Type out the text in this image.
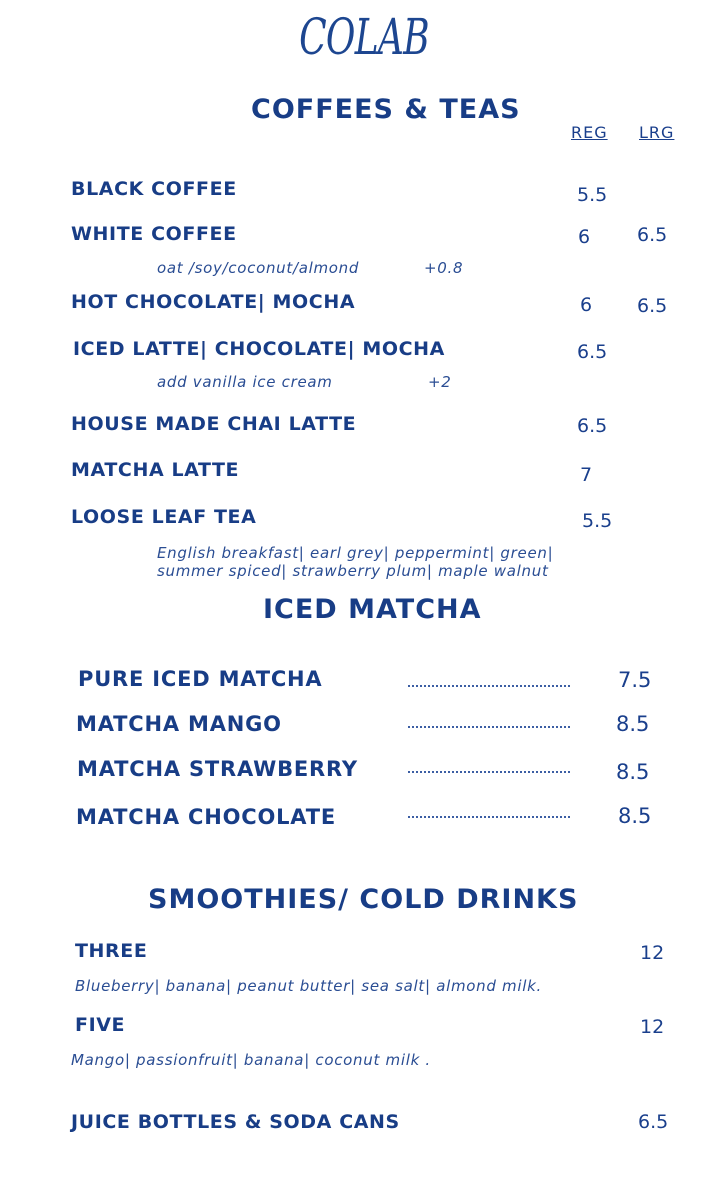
COLAB
COFFEES & TEAS
REG LRG
BLACK COFFEE	5.5
WHITE COFFEE	6 6.5
oat /soy/coconut/almond	+0.8
HOT CHOCOLATE| MOCHA	6 6.5
ICED LATTE| CHOCOLATE| MOCHA	6.5
add vanilla ice cream	+2
HOUSE MADE CHAI LATTE	6.5
MATCHA LATTE	7
LOOSE LEAF TEA	5.5
English breakfast| earl grey| peppermint| green|
summer spiced| strawberry plum| maple walnut
ICED MATCHA
PURE ICED MATCHA	7.5
MATCHA MANGO	8.5
MATCHA STRAWBERRY	8.5
MATCHA CHOCOLATE	8.5
SMOOTHIES/ COLD DRINKS
THREE	12
Blueberry| banana| peanut butter| sea salt| almond milk.
FIVE	12
Mango| passionfruit| banana| coconut milk .
JUICE BOTTLES & SODA CANS	6.5
